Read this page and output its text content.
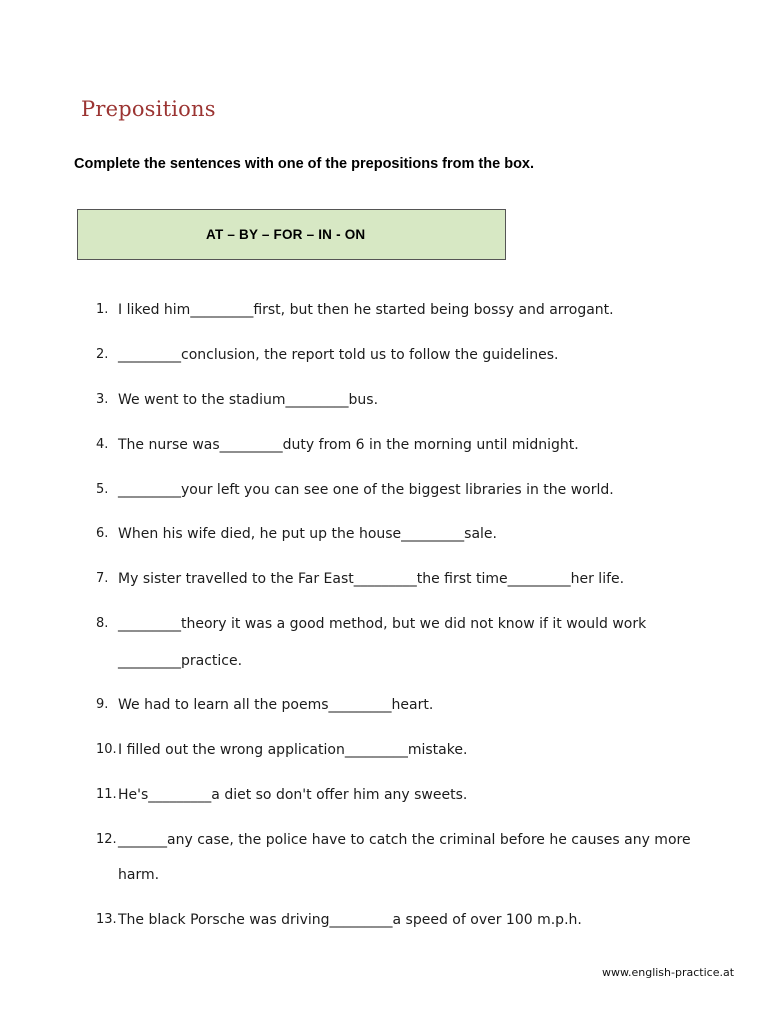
Prepositions
Complete the sentences with one of the prepositions from the box.
AT – BY – FOR – IN - ON
1. I liked him_________first, but then he started being bossy and arrogant.
2. _________conclusion, the report told us to follow the guidelines.
3. We went to the stadium_________bus.
4. The nurse was_________duty from 6 in the morning until midnight.
5. _________your left you can see one of the biggest libraries in the world.
6. When his wife died, he put up the house_________sale.
7. My sister travelled to the Far East_________the first time_________her life.
8. _________theory it was a good method, but we did not know if it would work
_________practice.
9. We had to learn all the poems_________heart.
10. I filled out the wrong application_________mistake.
11. He's_________a diet so don't offer him any sweets.
12. _______any case, the police have to catch the criminal before he causes any more
harm.
13. The black Porsche was driving_________a speed of over 100 m.p.h.
www.english-practice.at
